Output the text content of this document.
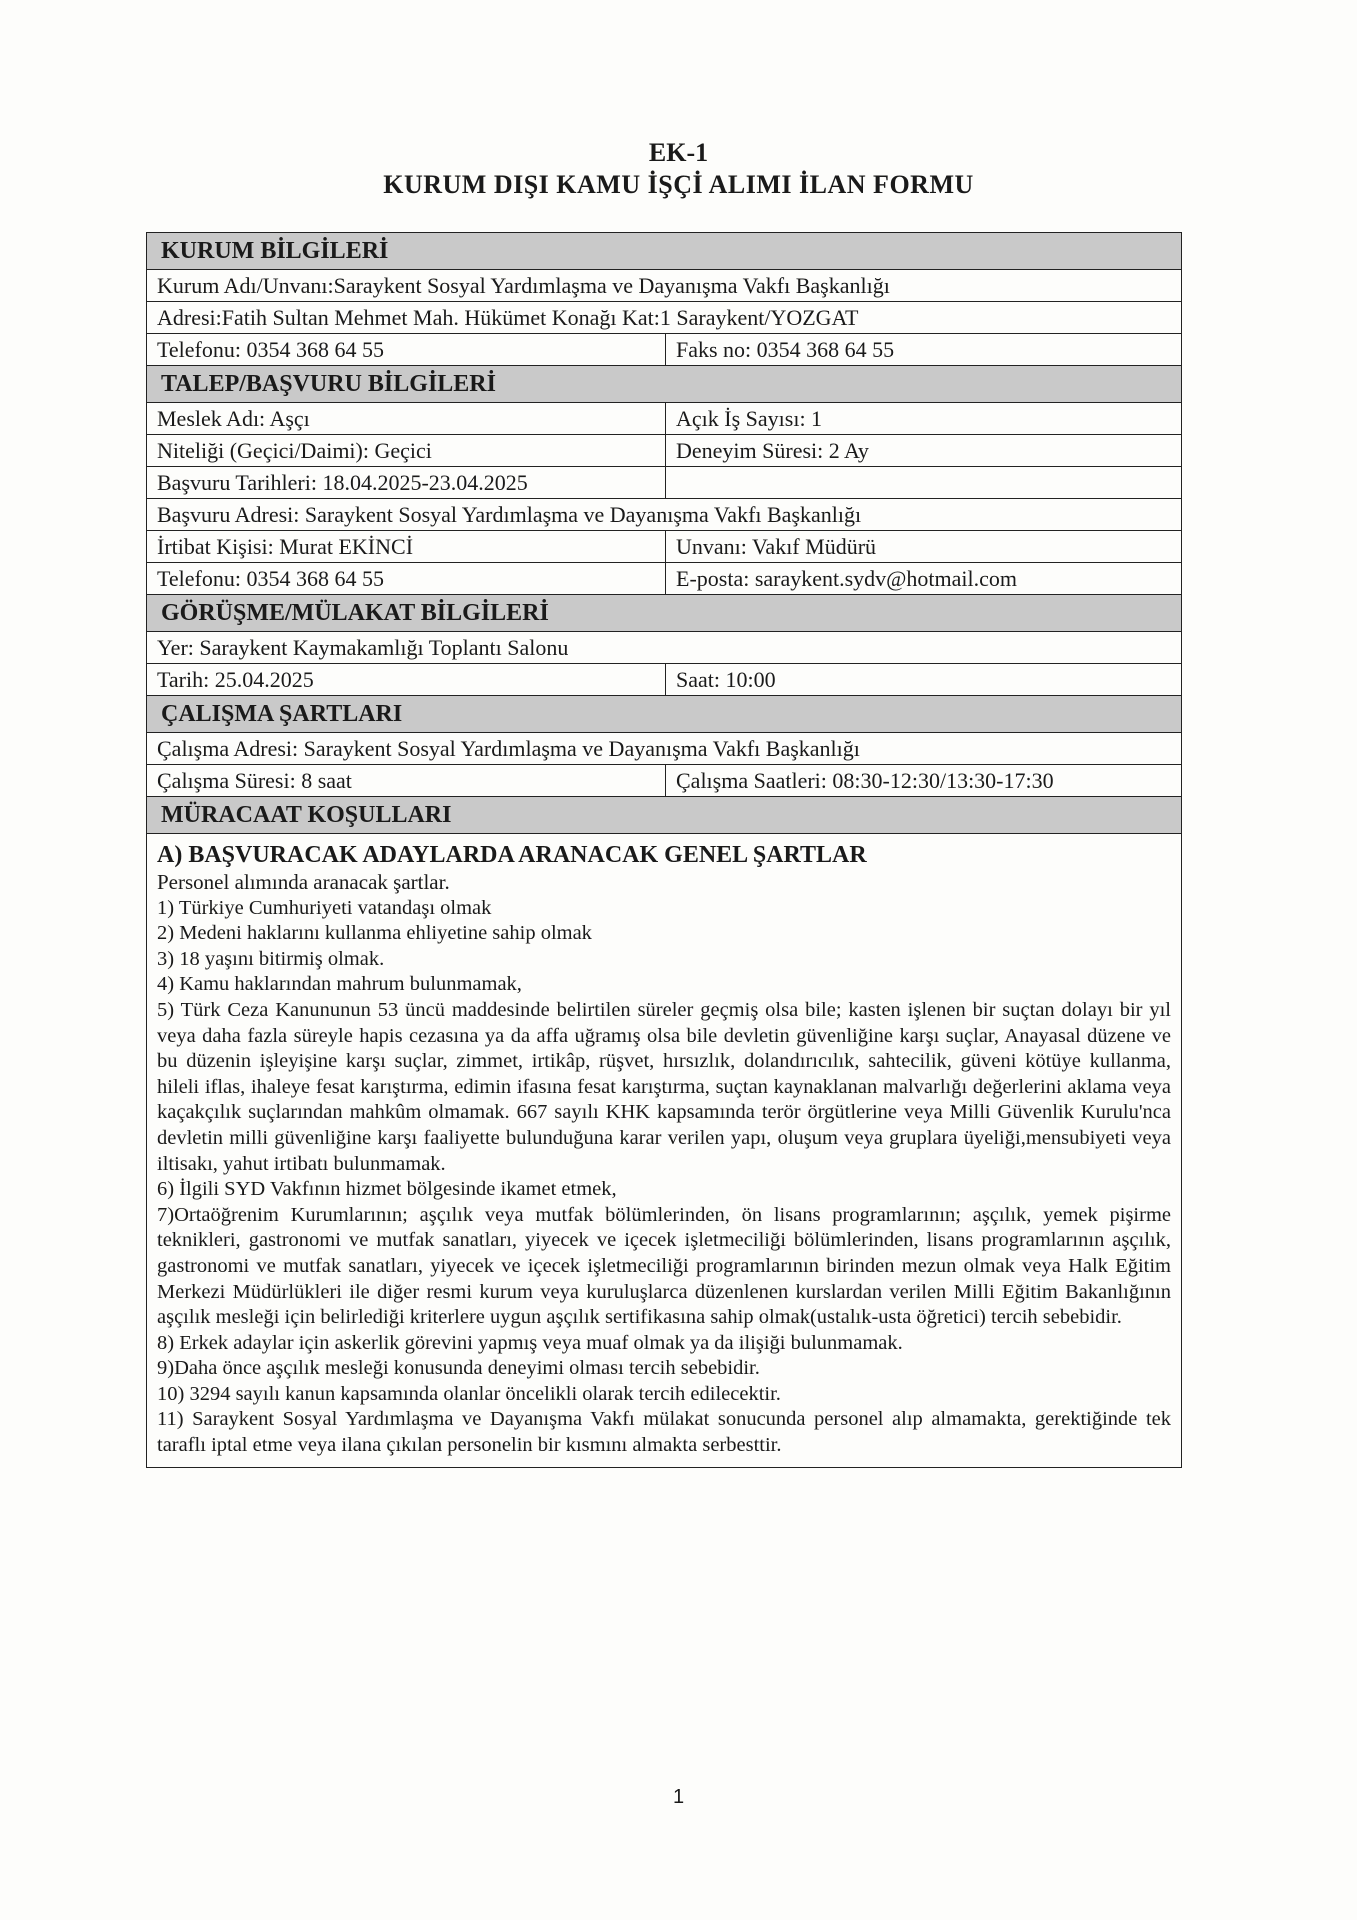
EK-1
KURUM DIŞI KAMU İŞÇİ ALIMI İLAN FORMU
KURUM BİLGİLERİ
Kurum Adı/Unvanı:Saraykent Sosyal Yardımlaşma ve Dayanışma Vakfı Başkanlığı
Adresi:Fatih Sultan Mehmet Mah. Hükümet Konağı Kat:1 Saraykent/YOZGAT
Telefonu: 0354 368 64 55	Faks no: 0354 368 64 55
TALEP/BAŞVURU BİLGİLERİ
Meslek Adı: Aşçı	Açık İş Sayısı: 1
Niteliği (Geçici/Daimi): Geçici	Deneyim Süresi: 2 Ay
Başvuru Tarihleri: 18.04.2025-23.04.2025
Başvuru Adresi: Saraykent Sosyal Yardımlaşma ve Dayanışma Vakfı Başkanlığı
İrtibat Kişisi: Murat EKİNCİ	Unvanı: Vakıf Müdürü
Telefonu: 0354 368 64 55	E-posta: saraykent.sydv@hotmail.com
GÖRÜŞME/MÜLAKAT BİLGİLERİ
Yer: Saraykent Kaymakamlığı Toplantı Salonu
Tarih: 25.04.2025	Saat: 10:00
ÇALIŞMA ŞARTLARI
Çalışma Adresi: Saraykent Sosyal Yardımlaşma ve Dayanışma Vakfı Başkanlığı
Çalışma Süresi: 8 saat	Çalışma Saatleri: 08:30-12:30/13:30-17:30
MÜRACAAT KOŞULLARI
A) BAŞVURACAK ADAYLARDA ARANACAK GENEL ŞARTLAR
Personel alımında aranacak şartlar.

1) Türkiye Cumhuriyeti vatandaşı olmak

2) Medeni haklarını kullanma ehliyetine sahip olmak

3) 18 yaşını bitirmiş olmak.

4) Kamu haklarından mahrum bulunmamak,

5) Türk Ceza Kanununun 53 üncü maddesinde belirtilen süreler geçmiş olsa bile; kasten işlenen bir suçtan dolayı bir yıl veya daha fazla süreyle hapis cezasına ya da affa uğramış olsa bile devletin güvenliğine karşı suçlar, Anayasal düzene ve bu düzenin işleyişine karşı suçlar, zimmet, irtikâp, rüşvet, hırsızlık, dolandırıcılık, sahtecilik, güveni kötüye kullanma, hileli iflas, ihaleye fesat karıştırma, edimin ifasına fesat karıştırma, suçtan kaynaklanan malvarlığı değerlerini aklama veya kaçakçılık suçlarından mahkûm olmamak. 667 sayılı KHK kapsamında terör örgütlerine veya Milli Güvenlik Kurulu'nca devletin milli güvenliğine karşı faaliyette bulunduğuna karar verilen yapı, oluşum veya gruplara üyeliği,mensubiyeti veya iltisakı, yahut irtibatı bulunmamak.

6) İlgili SYD Vakfının hizmet bölgesinde ikamet etmek,

7)Ortaöğrenim Kurumlarının; aşçılık veya mutfak bölümlerinden, ön lisans programlarının; aşçılık, yemek pişirme teknikleri, gastronomi ve mutfak sanatları, yiyecek ve içecek işletmeciliği bölümlerinden, lisans programlarının aşçılık, gastronomi ve mutfak sanatları, yiyecek ve içecek işletmeciliği programlarının birinden mezun olmak veya Halk Eğitim Merkezi Müdürlükleri ile diğer resmi kurum veya kuruluşlarca düzenlenen kurslardan verilen Milli Eğitim Bakanlığının aşçılık mesleği için belirlediği kriterlere uygun aşçılık sertifikasına sahip olmak(ustalık-usta öğretici) tercih sebebidir.

8) Erkek adaylar için askerlik görevini yapmış veya muaf olmak ya da ilişiği bulunmamak.

9)Daha önce aşçılık mesleği konusunda deneyimi olması tercih sebebidir.

10) 3294 sayılı kanun kapsamında olanlar öncelikli olarak tercih edilecektir.

11) Saraykent Sosyal Yardımlaşma ve Dayanışma Vakfı mülakat sonucunda personel alıp almamakta, gerektiğinde tek taraflı iptal etme veya ilana çıkılan personelin bir kısmını almakta serbesttir.

1
